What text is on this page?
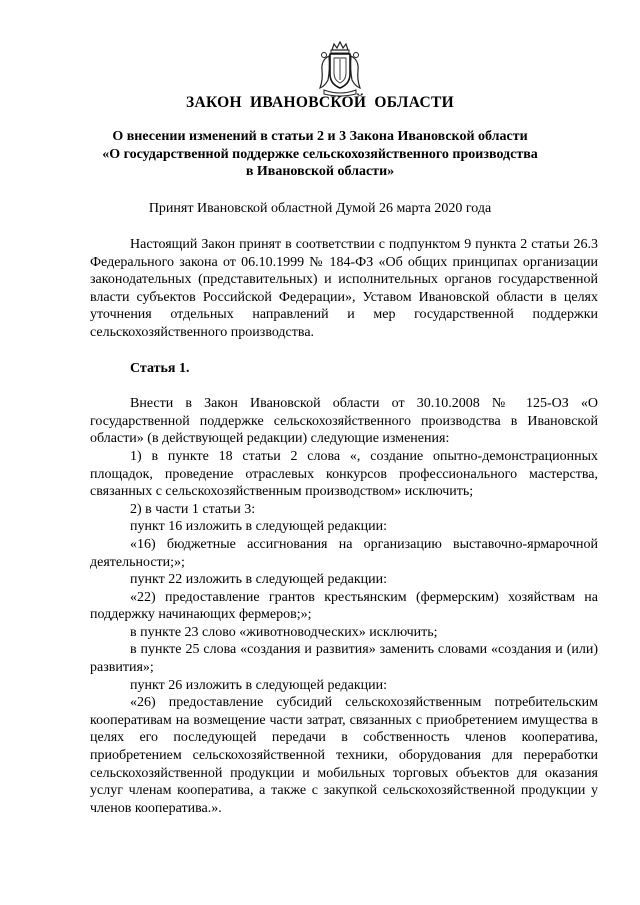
ЗАКОН ИВАНОВСКОЙ ОБЛАСТИ
О внесении изменений в статьи 2 и 3 Закона Ивановской области
«О государственной поддержке сельскохозяйственного производства
в Ивановской области»
Принят Ивановской областной Думой 26 марта 2020 года

Настоящий Закон принят в соответствии с подпунктом 9 пункта 2 статьи 26.3 Федерального закона от 06.10.1999 № 184-ФЗ «Об общих принципах организации законодательных (представительных) и исполнительных органов государственной власти субъектов Российской Федерации», Уставом Ивановской области в целях уточнения отдельных направлений и мер государственной поддержки сельскохозяйственного производства.

Статья 1.

Внести в Закон Ивановской области от 30.10.2008 № 125-ОЗ «О государственной поддержке сельскохозяйственного производства в Ивановской области» (в действующей редакции) следующие изменения:

1) в пункте 18 статьи 2 слова «, создание опытно-демонстрационных площадок, проведение отраслевых конкурсов профессионального мастерства, связанных с сельскохозяйственным производством» исключить;

2) в части 1 статьи 3:

пункт 16 изложить в следующей редакции:

«16) бюджетные ассигнования на организацию выставочно-ярмарочной деятельности;»;

пункт 22 изложить в следующей редакции:

«22) предоставление грантов крестьянским (фермерским) хозяйствам на поддержку начинающих фермеров;»;

в пункте 23 слово «животноводческих» исключить;

в пункте 25 слова «создания и развития» заменить словами «создания и (или) развития»;

пункт 26 изложить в следующей редакции:

«26) предоставление субсидий сельскохозяйственным потребительским кооперативам на возмещение части затрат, связанных с приобретением имущества в целях его последующей передачи в собственность членов кооператива, приобретением сельскохозяйственной техники, оборудования для переработки сельскохозяйственной продукции и мобильных торговых объектов для оказания услуг членам кооператива, а также с закупкой сельскохозяйственной продукции у членов кооператива.».
